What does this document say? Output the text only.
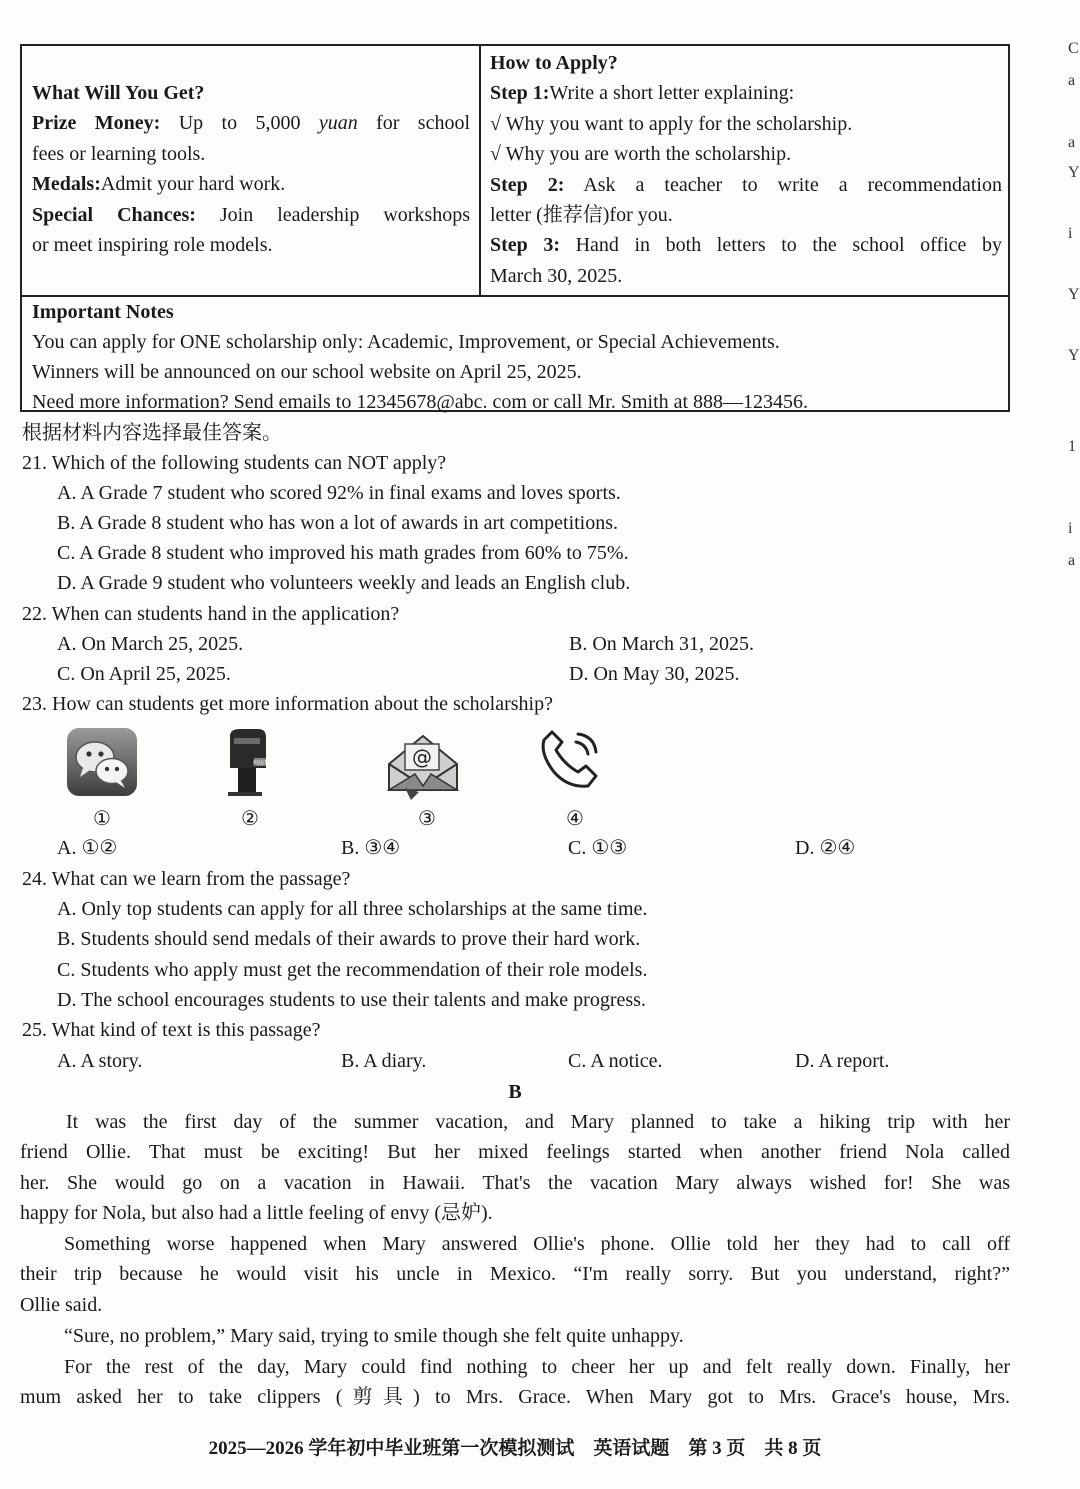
What Will You Get?
Prize Money: Up to 5,000 yuan for school
fees or learning tools.
Medals:Admit your hard work.
Special Chances: Join leadership workshops
or meet inspiring role models.
How to Apply?
Step 1:Write a short letter explaining:
√ Why you want to apply for the scholarship.
√ Why you are worth the scholarship.
Step 2: Ask a teacher to write a recommendation
letter (推荐信)for you.
Step 3: Hand in both letters to the school office by
March 30, 2025.
Important Notes
You can apply for ONE scholarship only: Academic, Improvement, or Special Achievements.
Winners will be announced on our school website on April 25, 2025.
Need more information? Send emails to 12345678@abc. com or call Mr. Smith at 888—123456.
根据材料内容选择最佳答案。
21. Which of the following students can NOT apply?
A. A Grade 7 student who scored 92% in final exams and loves sports.
B. A Grade 8 student who has won a lot of awards in art competitions.
C. A Grade 8 student who improved his math grades from 60% to 75%.
D. A Grade 9 student who volunteers weekly and leads an English club.
22. When can students hand in the application?
A. On March 25, 2025.	B. On March 31, 2025.
C. On April 25, 2025.	D. On May 30, 2025.
23. How can students get more information about the scholarship?
POST	@
①	②	③	④
A. ①②	B. ③④	C. ①③	D. ②④
24. What can we learn from the passage?
A. Only top students can apply for all three scholarships at the same time.
B. Students should send medals of their awards to prove their hard work.
C. Students who apply must get the recommendation of their role models.
D. The school encourages students to use their talents and make progress.
25. What kind of text is this passage?
A. A story.	B. A diary.	C. A notice.	D. A report.
B
It was the first day of the summer vacation, and Mary planned to take a hiking trip with her
friend Ollie. That must be exciting! But her mixed feelings started when another friend Nola called
her. She would go on a vacation in Hawaii. That's the vacation Mary always wished for! She was
happy for Nola, but also had a little feeling of envy (忌妒).
Something worse happened when Mary answered Ollie's phone. Ollie told her they had to call off
their trip because he would visit his uncle in Mexico. “I'm really sorry. But you understand, right?”
Ollie said.
“Sure, no problem,” Mary said, trying to smile though she felt quite unhappy.
For the rest of the day, Mary could find nothing to cheer her up and felt really down. Finally, her
mum asked her to take clippers (剪具) to Mrs. Grace. When Mary got to Mrs. Grace's house, Mrs.
2025—2026 学年初中毕业班第一次模拟测试　英语试题　第 3 页　共 8 页
C
a
a
Y
i
Y
Y
1
i
a
